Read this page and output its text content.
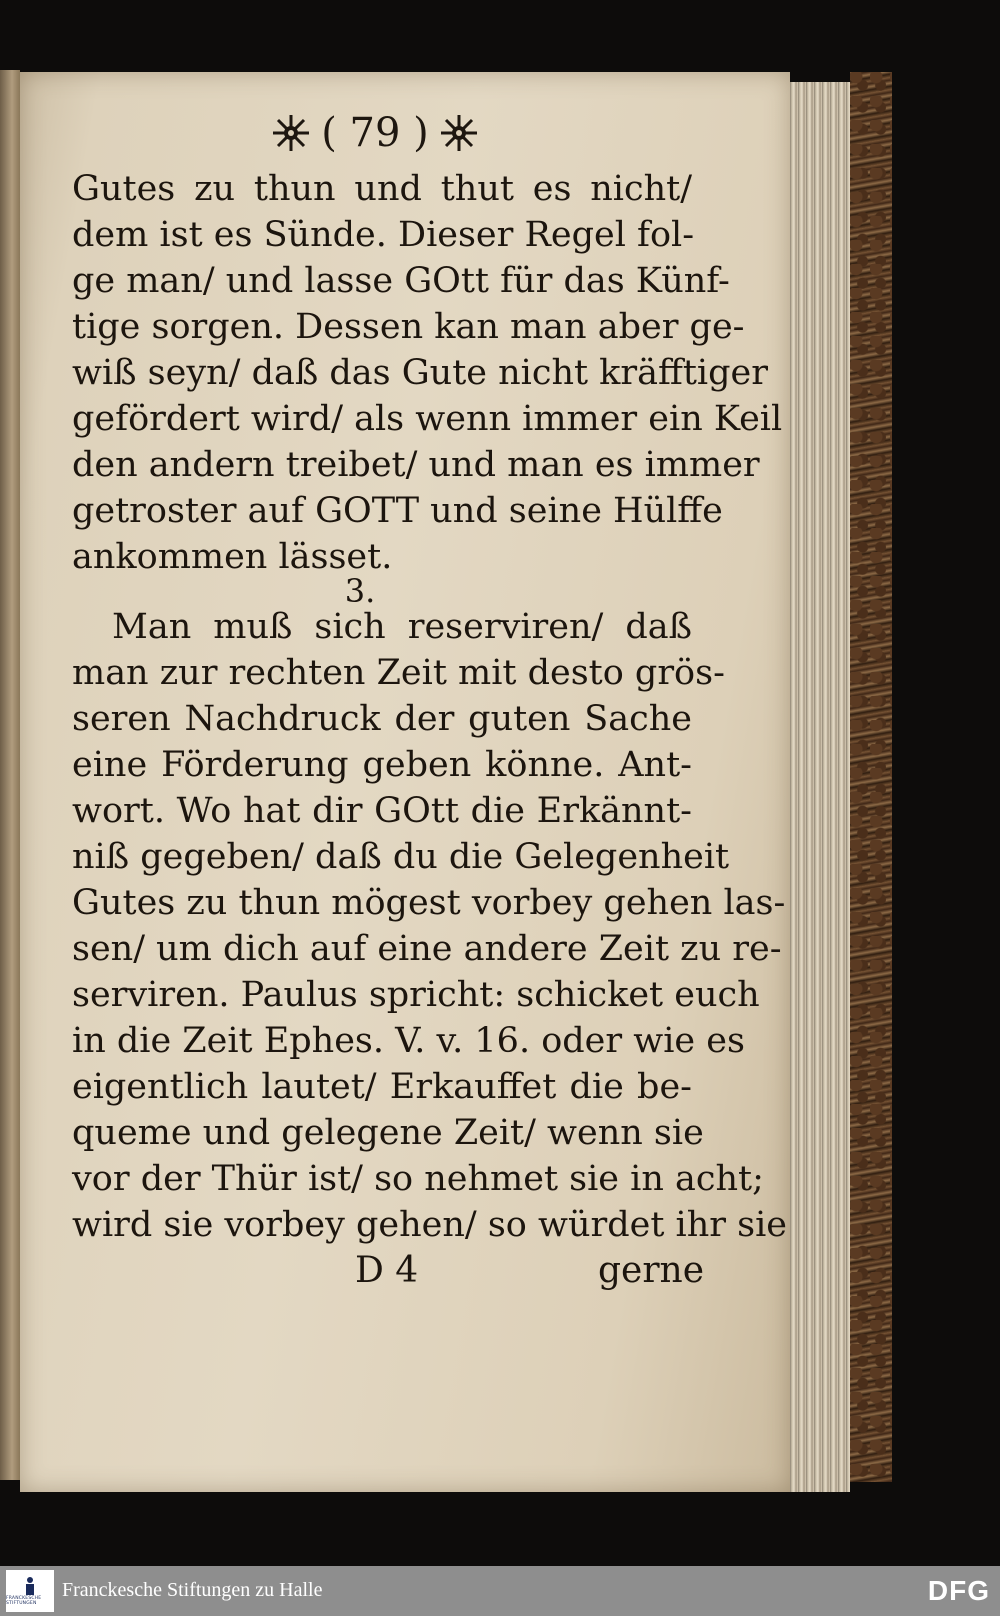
( 79 )
Gutes zu thun und thut es nicht/
dem ist es Sünde. Dieser Regel fol-
ge man/ und lasse GOtt für das Künf-
tige sorgen. Dessen kan man aber ge-
wiß seyn/ daß das Gute nicht kräfftiger
gefördert wird/ als wenn immer ein Keil
den andern treibet/ und man es immer
getroster auf GOTT und seine Hülffe
ankommen lässet.
3.
Man muß sich reserviren/ daß
man zur rechten Zeit mit desto grös-
seren Nachdruck der guten Sache
eine Förderung geben könne. Ant-
wort. Wo hat dir GOtt die Erkännt-
niß gegeben/ daß du die Gelegenheit
Gutes zu thun mögest vorbey gehen las-
sen/ um dich auf eine andere Zeit zu re-
serviren. Paulus spricht: schicket euch
in die Zeit Ephes. V. v. 16. oder wie es
eigentlich lautet/ Erkauffet die be-
queme und gelegene Zeit/ wenn sie
vor der Thür ist/ so nehmet sie in acht;
wird sie vorbey gehen/ so würdet ihr sie
D 4	gerne
FRANCKESCHE STIFTUNGEN
Franckesche Stiftungen zu Halle	DFG
